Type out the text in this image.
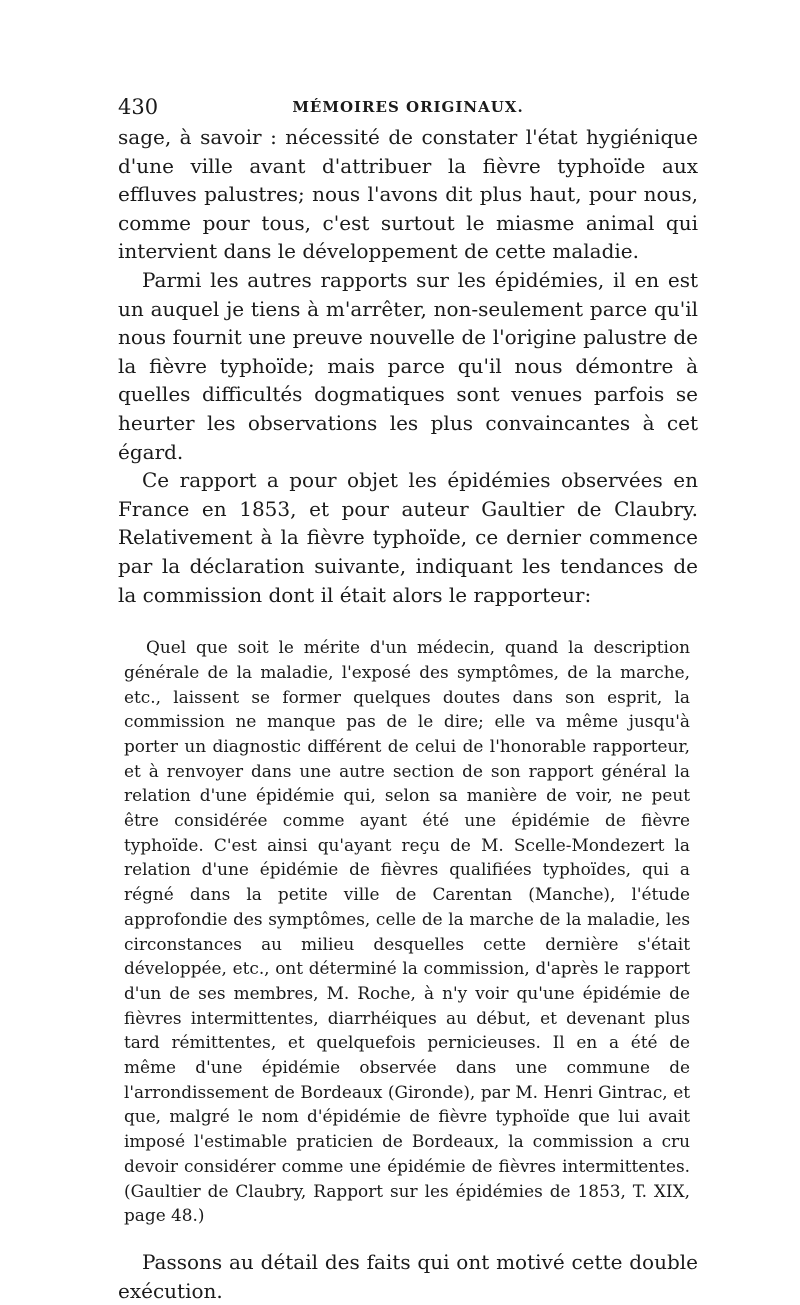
430	MÉMOIRES ORIGINAUX.

sage, à savoir : nécessité de constater l'état hygiénique d'une ville avant d'attribuer la fièvre typhoïde aux effluves palustres; nous l'avons dit plus haut, pour nous, comme pour tous, c'est surtout le miasme animal qui intervient dans le développement de cette maladie.

Parmi les autres rapports sur les épidémies, il en est un auquel je tiens à m'arrêter, non-seulement parce qu'il nous fournit une preuve nouvelle de l'origine palustre de la fièvre typhoïde; mais parce qu'il nous démontre à quelles difficultés dogmatiques sont venues parfois se heurter les observations les plus convaincantes à cet égard.

Ce rapport a pour objet les épidémies observées en France en 1853, et pour auteur Gaultier de Claubry. Relativement à la fièvre typhoïde, ce dernier commence par la déclaration suivante, indiquant les tendances de la commission dont il était alors le rapporteur:

Quel que soit le mérite d'un médecin, quand la description générale de la maladie, l'exposé des symptômes, de la marche, etc., laissent se former quelques doutes dans son esprit, la commission ne manque pas de le dire; elle va même jusqu'à porter un diagnostic différent de celui de l'honorable rapporteur, et à renvoyer dans une autre section de son rapport général la relation d'une épidémie qui, selon sa manière de voir, ne peut être considérée comme ayant été une épidémie de fièvre typhoïde. C'est ainsi qu'ayant reçu de M. Scelle-Mondezert la relation d'une épidémie de fièvres qualifiées typhoïdes, qui a régné dans la petite ville de Carentan (Manche), l'étude approfondie des symptômes, celle de la marche de la maladie, les circonstances au milieu desquelles cette dernière s'était développée, etc., ont déterminé la commission, d'après le rapport d'un de ses membres, M. Roche, à n'y voir qu'une épidémie de fièvres intermittentes, diarrhéiques au début, et devenant plus tard rémittentes, et quelquefois pernicieuses. Il en a été de même d'une épidémie observée dans une commune de l'arrondissement de Bordeaux (Gironde), par M. Henri Gintrac, et que, malgré le nom d'épidémie de fièvre typhoïde que lui avait imposé l'estimable praticien de Bordeaux, la commission a cru devoir considérer comme une épidémie de fièvres intermittentes. (Gaultier de Claubry, Rapport sur les épidémies de 1853, T. XIX, page 48.)

Passons au détail des faits qui ont motivé cette double exécution.
